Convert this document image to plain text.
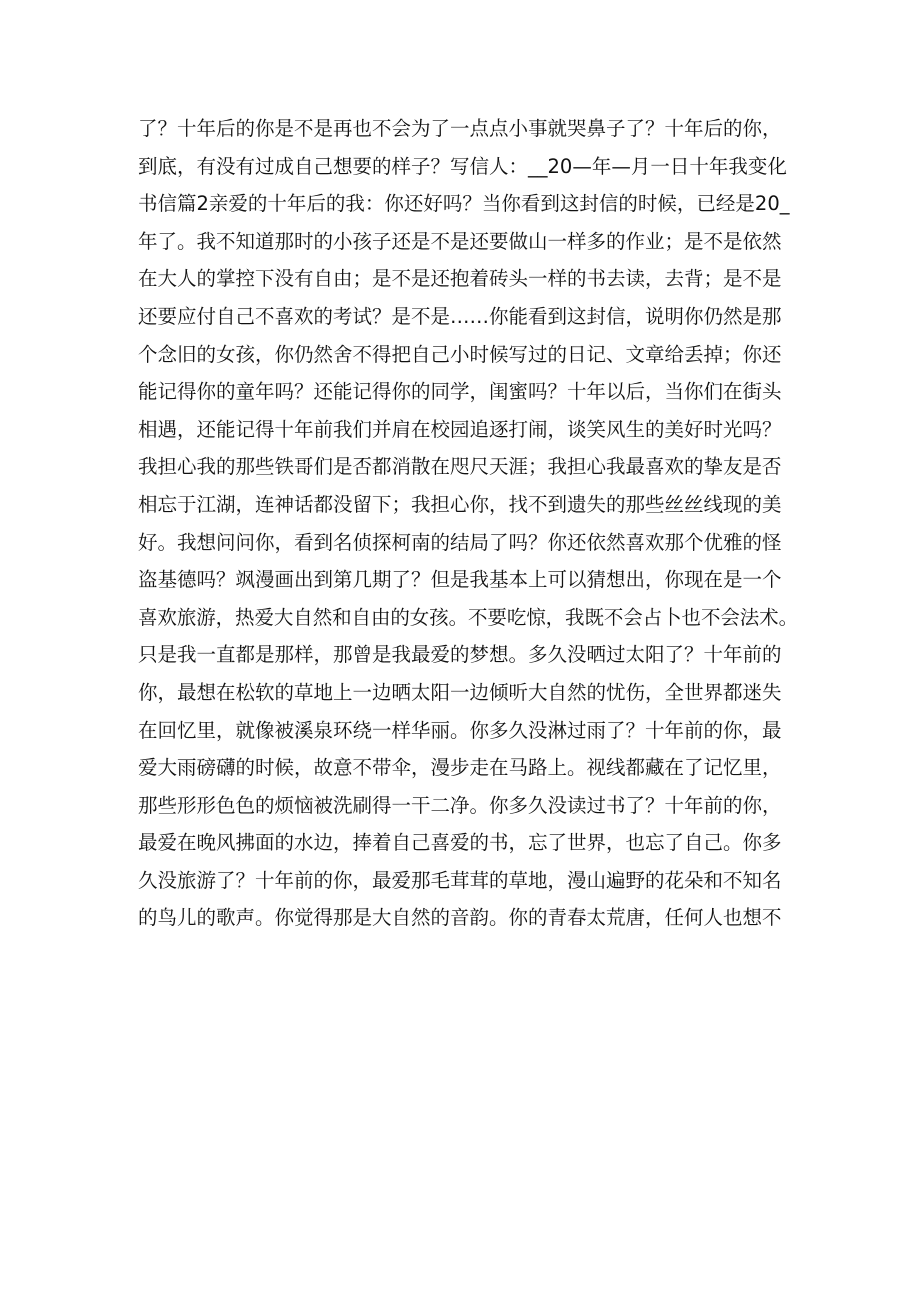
了？十年后的你是不是再也不会为了一点点小事就哭鼻子了？十年后的你，
到底，有没有过成自己想要的样子？写信人：__20—年—月一日十年我变化
书信篇2亲爱的十年后的我：你还好吗？当你看到这封信的时候，已经是20_
年了。我不知道那时的小孩子还是不是还要做山一样多的作业；是不是依然
在大人的掌控下没有自由；是不是还抱着砖头一样的书去读，去背；是不是
还要应付自己不喜欢的考试？是不是……你能看到这封信，说明你仍然是那
个念旧的女孩，你仍然舍不得把自己小时候写过的日记、文章给丢掉；你还
能记得你的童年吗？还能记得你的同学，闺蜜吗？十年以后，当你们在街头
相遇，还能记得十年前我们并肩在校园追逐打闹，谈笑风生的美好时光吗？
我担心我的那些铁哥们是否都消散在咫尺天涯；我担心我最喜欢的挚友是否
相忘于江湖，连神话都没留下；我担心你，找不到遗失的那些丝丝线现的美
好。我想问问你，看到名侦探柯南的结局了吗？你还依然喜欢那个优雅的怪
盗基德吗？飒漫画出到第几期了？但是我基本上可以猜想出，你现在是一个
喜欢旅游，热爱大自然和自由的女孩。不要吃惊，我既不会占卜也不会法术。
只是我一直都是那样，那曾是我最爱的梦想。多久没晒过太阳了？十年前的
你，最想在松软的草地上一边晒太阳一边倾听大自然的忧伤，全世界都迷失
在回忆里，就像被溪泉环绕一样华丽。你多久没淋过雨了？十年前的你，最
爱大雨磅礴的时候，故意不带伞，漫步走在马路上。视线都藏在了记忆里，
那些形形色色的烦恼被洗刷得一干二净。你多久没读过书了？十年前的你，
最爱在晚风拂面的水边，捧着自己喜爱的书，忘了世界，也忘了自己。你多
久没旅游了？十年前的你，最爱那毛茸茸的草地，漫山遍野的花朵和不知名
的鸟儿的歌声。你觉得那是大自然的音韵。你的青春太荒唐，任何人也想不
